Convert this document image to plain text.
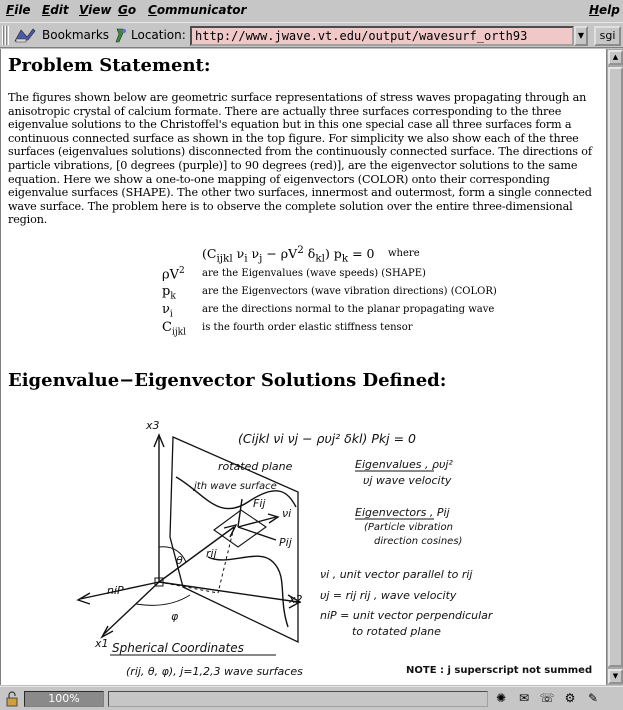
File Edit View Go Communicator	Help
Bookmarks Location: http://www.jwave.vt.edu/output/wavesurf_orth93	▼	sgi
Problem Statement:

The figures shown below are geometric surface representations of stress waves propagating through an anisotropic crystal of calcium formate. There are actually three surfaces corresponding to the three eigenvalue solutions to the Christoffel's equation but in this one special case all three surfaces form a continuous connected surface as shown in the top figure. For simplicity we also show each of the three surfaces (eigenvalues solutions) disconnected from the continuously connected surface. The directions of particle vibrations, [0 degrees (purple)] to 90 degrees (red)], are the eigenvector solutions to the same equation. Here we show a one-to-one mapping of eigenvectors (COLOR) onto their corresponding eigenvalue surfaces (SHAPE). The other two surfaces, innermost and outermost, form a single connected wave surface. The problem here is to observe the complete solution over the entire three-dimensional region.

($C_{ijkl}$ $\nu_i$ $\nu_j - \rho V^2$ $\delta_{kl}$) $p_k = 0$ where
$\rho V^2$ are the Eigenvalues (wave speeds) (SHAPE)
$p_k$	are the Eigenvectors (wave vibration directions) (COLOR)
$\nu_i$	are the directions normal to the planar propagating wave
$C_{ijkl}$ is the fourth order elastic stiffness tensor
Eigenvalue−Eigenvector Solutions Defined:
x3
x2
x1
(Cijkl νi νj − ρυj² δkl) Pkj = 0
rotated plane
jth wave surface
θ
φ
niP
rij
Fij
νi
Pij
Eigenvalues , ρυj²
υj wave velocity
Eigenvectors , Pij
(Particle vibration
direction cosines)
νi , unit vector parallel to rij
υj = rij rij , wave velocity
niP = unit vector perpendicular
to rotated plane
Spherical Coordinates
(rij, θ, φ), j=1,2,3 wave surfaces	NOTE : j superscript not summed
▲
▼
100%	✺ ✉ ☏ ⚙ ✎
